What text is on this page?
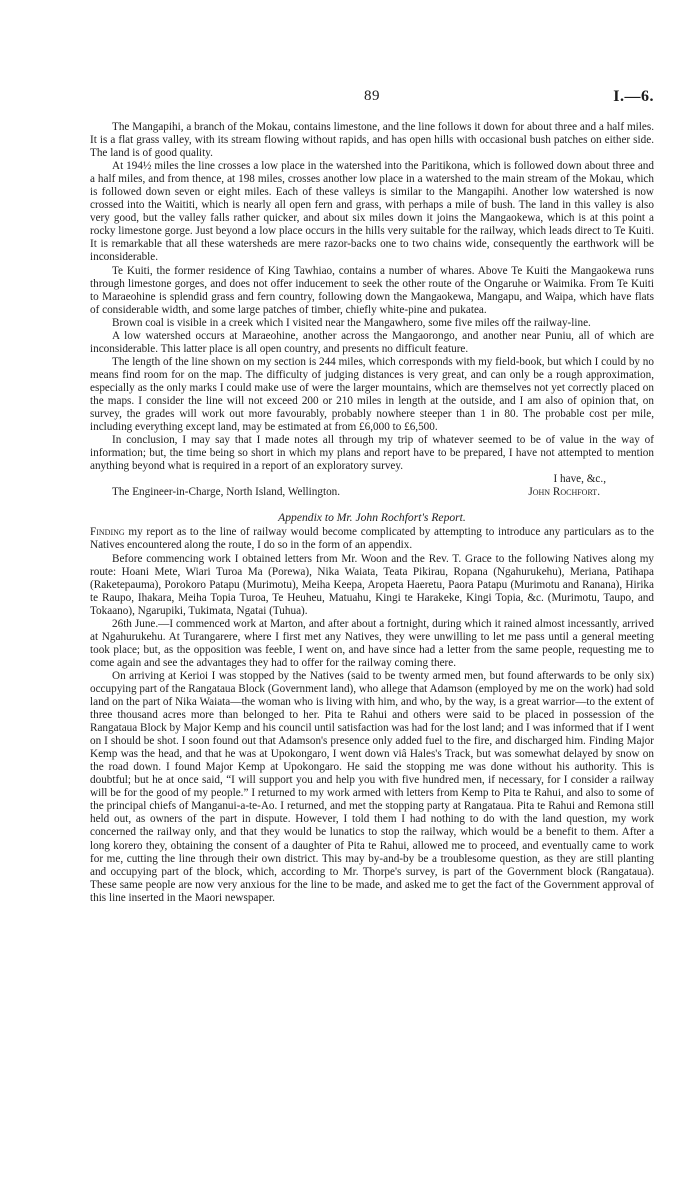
89	I.—6.

The Mangapihi, a branch of the Mokau, contains limestone, and the line follows it down for about three and a half miles. It is a flat grass valley, with its stream flowing without rapids, and has open hills with occasional bush patches on either side. The land is of good quality.

At 194½ miles the line crosses a low place in the watershed into the Paritikona, which is followed down about three and a half miles, and from thence, at 198 miles, crosses another low place in a watershed to the main stream of the Mokau, which is followed down seven or eight miles. Each of these valleys is similar to the Mangapihi. Another low watershed is now crossed into the Waititi, which is nearly all open fern and grass, with perhaps a mile of bush. The land in this valley is also very good, but the valley falls rather quicker, and about six miles down it joins the Mangaokewa, which is at this point a rocky limestone gorge. Just beyond a low place occurs in the hills very suitable for the railway, which leads direct to Te Kuiti. It is remarkable that all these watersheds are mere razor-backs one to two chains wide, consequently the earthwork will be inconsiderable.

Te Kuiti, the former residence of King Tawhiao, contains a number of whares. Above Te Kuiti the Mangaokewa runs through limestone gorges, and does not offer inducement to seek the other route of the Ongaruhe or Waimika. From Te Kuiti to Maraeohine is splendid grass and fern country, following down the Mangaokewa, Mangapu, and Waipa, which have flats of considerable width, and some large patches of timber, chiefly white-pine and pukatea.

Brown coal is visible in a creek which I visited near the Mangawhero, some five miles off the railway-line.

A low watershed occurs at Maraeohine, another across the Mangaorongo, and another near Puniu, all of which are inconsiderable. This latter place is all open country, and presents no difficult feature.

The length of the line shown on my section is 244 miles, which corresponds with my field-book, but which I could by no means find room for on the map. The difficulty of judging distances is very great, and can only be a rough approximation, especially as the only marks I could make use of were the larger mountains, which are themselves not yet correctly placed on the maps. I consider the line will not exceed 200 or 210 miles in length at the outside, and I am also of opinion that, on survey, the grades will work out more favourably, probably nowhere steeper than 1 in 80. The probable cost per mile, including everything except land, may be estimated at from £6,000 to £6,500.

In conclusion, I may say that I made notes all through my trip of whatever seemed to be of value in the way of information; but, the time being so short in which my plans and report have to be prepared, I have not attempted to mention anything beyond what is required in a report of an exploratory survey.

I have, &c.,
The Engineer-in-Charge, North Island, Wellington.	John Rochfort.
Appendix to Mr. John Rochfort's Report.

Finding my report as to the line of railway would become complicated by attempting to introduce any particulars as to the Natives encountered along the route, I do so in the form of an appendix.

Before commencing work I obtained letters from Mr. Woon and the Rev. T. Grace to the following Natives along my route: Hoani Mete, Wiari Turoa Ma (Porewa), Nika Waiata, Teata Pikirau, Ropana (Ngahurukehu), Meriana, Patihapa (Raketepauma), Porokoro Patapu (Murimotu), Meiha Keepa, Aropeta Haeretu, Paora Patapu (Murimotu and Ranana), Hirika te Raupo, Ihakara, Meiha Topia Turoa, Te Heuheu, Matuahu, Kingi te Harakeke, Kingi Topia, &c. (Murimotu, Taupo, and Tokaano), Ngarupiki, Tukimata, Ngatai (Tuhua).

26th June.—I commenced work at Marton, and after about a fortnight, during which it rained almost incessantly, arrived at Ngahurukehu. At Turangarere, where I first met any Natives, they were unwilling to let me pass until a general meeting took place; but, as the opposition was feeble, I went on, and have since had a letter from the same people, requesting me to come again and see the advantages they had to offer for the railway coming there.

On arriving at Kerioi I was stopped by the Natives (said to be twenty armed men, but found afterwards to be only six) occupying part of the Rangataua Block (Government land), who allege that Adamson (employed by me on the work) had sold land on the part of Nika Waiata—the woman who is living with him, and who, by the way, is a great warrior—to the extent of three thousand acres more than belonged to her. Pita te Rahui and others were said to be placed in possession of the Rangataua Block by Major Kemp and his council until satisfaction was had for the lost land; and I was informed that if I went on I should be shot. I soon found out that Adamson's presence only added fuel to the fire, and discharged him. Finding Major Kemp was the head, and that he was at Upokongaro, I went down viâ Hales's Track, but was somewhat delayed by snow on the road down. I found Major Kemp at Upokongaro. He said the stopping me was done without his authority. This is doubtful; but he at once said, “I will support you and help you with five hundred men, if necessary, for I consider a railway will be for the good of my people.” I returned to my work armed with letters from Kemp to Pita te Rahui, and also to some of the principal chiefs of Manganui-a-te-Ao. I returned, and met the stopping party at Rangataua. Pita te Rahui and Remona still held out, as owners of the part in dispute. However, I told them I had nothing to do with the land question, my work concerned the railway only, and that they would be lunatics to stop the railway, which would be a benefit to them. After a long korero they, obtaining the consent of a daughter of Pita te Rahui, allowed me to proceed, and eventually came to work for me, cutting the line through their own district. This may by-and-by be a troublesome question, as they are still planting and occupying part of the block, which, according to Mr. Thorpe's survey, is part of the Government block (Rangataua). These same people are now very anxious for the line to be made, and asked me to get the fact of the Government approval of this line inserted in the Maori newspaper.
